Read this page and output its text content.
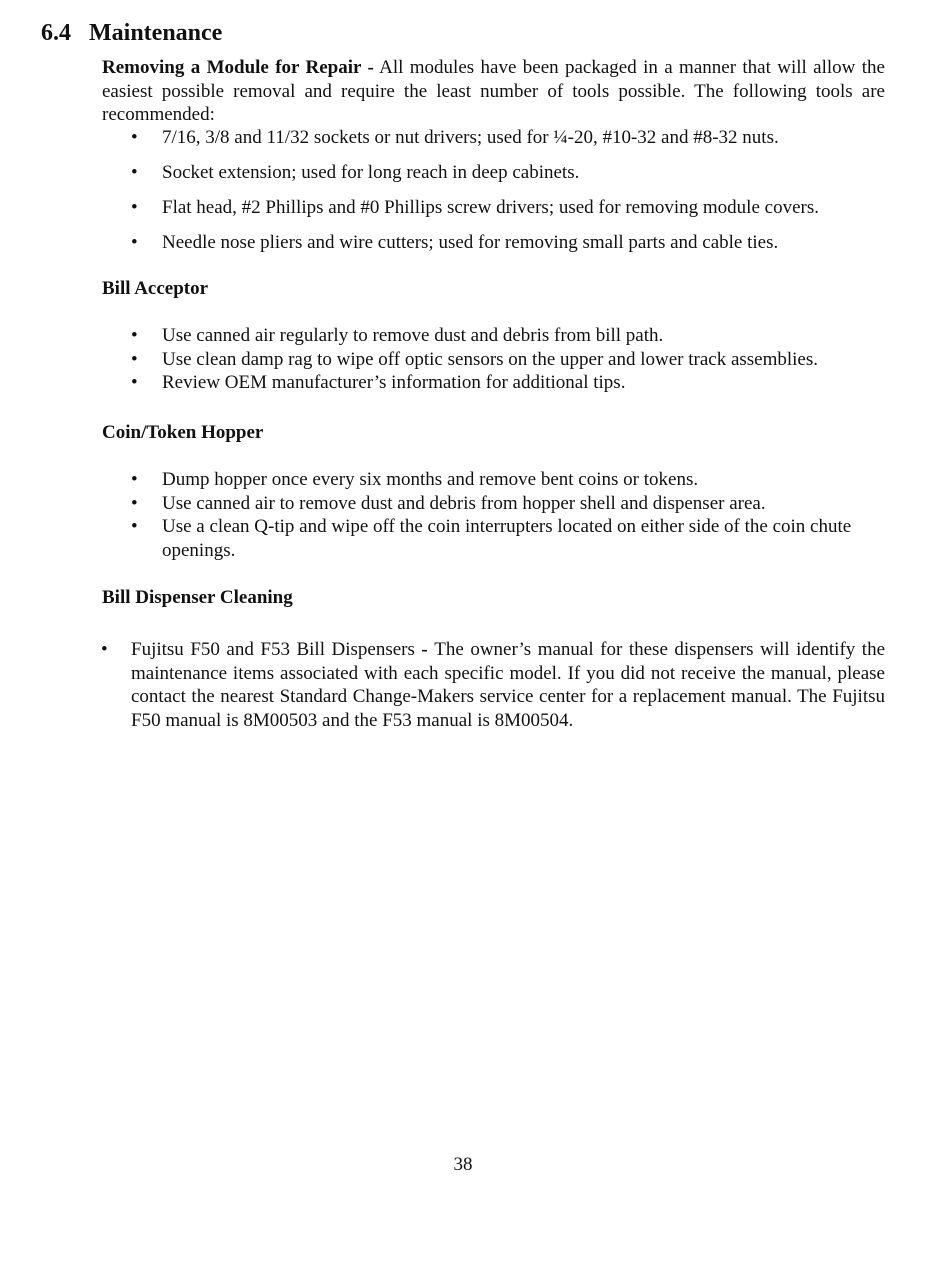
6.4 Maintenance

Removing a Module for Repair - All modules have been packaged in a manner that will allow the easiest possible removal and require the least number of tools possible. The following tools are recommended:

• 7/16, 3/8 and 11/32 sockets or nut drivers; used for ¼-20, #10-32 and #8-32 nuts.
• Socket extension; used for long reach in deep cabinets.
• Flat head, #2 Phillips and #0 Phillips screw drivers; used for removing module covers.
• Needle nose pliers and wire cutters; used for removing small parts and cable ties.
Bill Acceptor
• Use canned air regularly to remove dust and debris from bill path.
• Use clean damp rag to wipe off optic sensors on the upper and lower track assemblies.
• Review OEM manufacturer’s information for additional tips.
Coin/Token Hopper
• Dump hopper once every six months and remove bent coins or tokens.
• Use canned air to remove dust and debris from hopper shell and dispenser area.
• Use a clean Q-tip and wipe off the coin interrupters located on either side of the coin chute openings.
Bill Dispenser Cleaning
• Fujitsu F50 and F53 Bill Dispensers - The owner’s manual for these dispensers will identify the maintenance items associated with each specific model. If you did not receive the manual, please contact the nearest Standard Change-Makers service center for a replacement manual. The Fujitsu F50 manual is 8M00503 and the F53 manual is 8M00504.
38
